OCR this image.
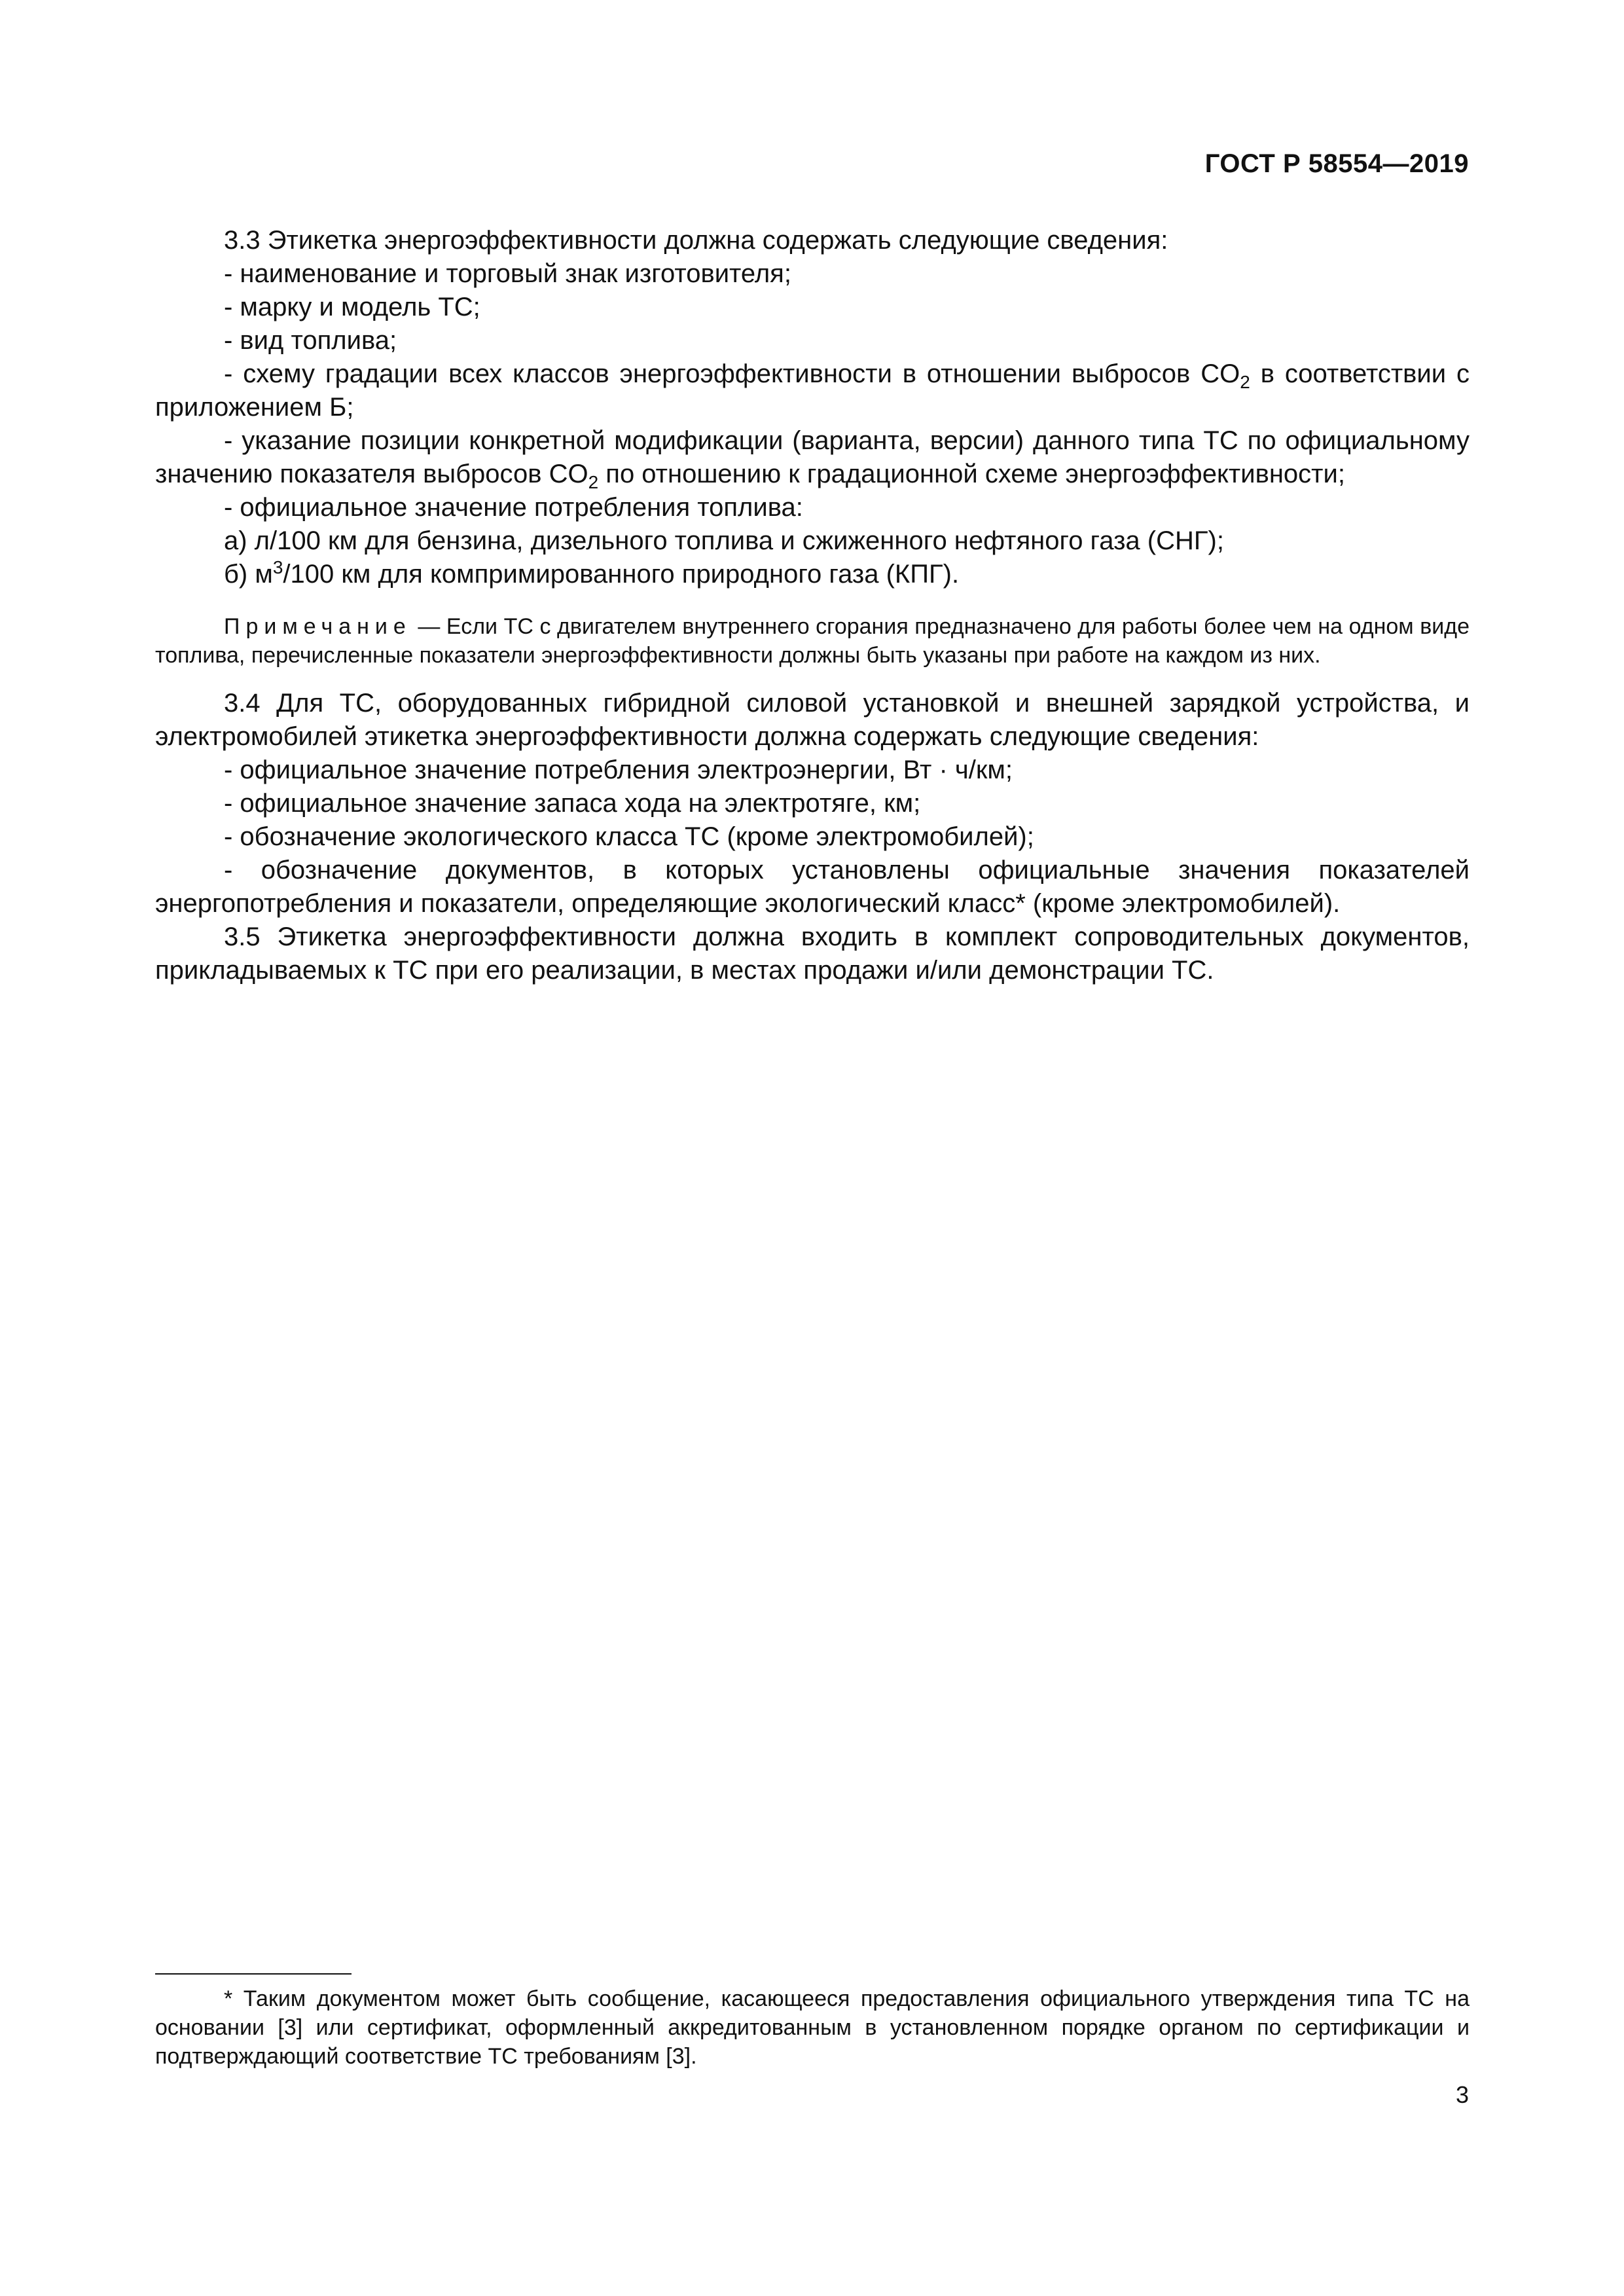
ГОСТ Р 58554—2019

3.3 Этикетка энергоэффективности должна содержать следующие сведения:

- наименование и торговый знак изготовителя;

- марку и модель ТС;

- вид топлива;

- схему градации всех классов энергоэффективности в отношении выбросов $CO_2$ в соответствии с приложением Б;

- указание позиции конкретной модификации (варианта, версии) данного типа ТС по официальному значению показателя выбросов $CO_2$ по отношению к градационной схеме энергоэффективности;

- официальное значение потребления топлива:

а) л/100 км для бензина, дизельного топлива и сжиженного нефтяного газа (СНГ);

б) $м^3/100$ км для компримированного природного газа (КПГ).

Примечание — Если ТС с двигателем внутреннего сгорания предназначено для работы более чем на одном виде топлива, перечисленные показатели энергоэффективности должны быть указаны при работе на каждом из них.

3.4 Для ТС, оборудованных гибридной силовой установкой и внешней зарядкой устройства, и электромобилей этикетка энергоэффективности должна содержать следующие сведения:

- официальное значение потребления электроэнергии, Вт · ч/км;

- официальное значение запаса хода на электротяге, км;

- обозначение экологического класса ТС (кроме электромобилей);

- обозначение документов, в которых установлены официальные значения показателей энергопотребления и показатели, определяющие экологический класс* (кроме электромобилей).

3.5 Этикетка энергоэффективности должна входить в комплект сопроводительных документов, прикладываемых к ТС при его реализации, в местах продажи и/или демонстрации ТС.

* Таким документом может быть сообщение, касающееся предоставления официального утверждения типа ТС на основании [3] или сертификат, оформленный аккредитованным в установленном порядке органом по сертификации и подтверждающий соответствие ТС требованиям [3].

3
